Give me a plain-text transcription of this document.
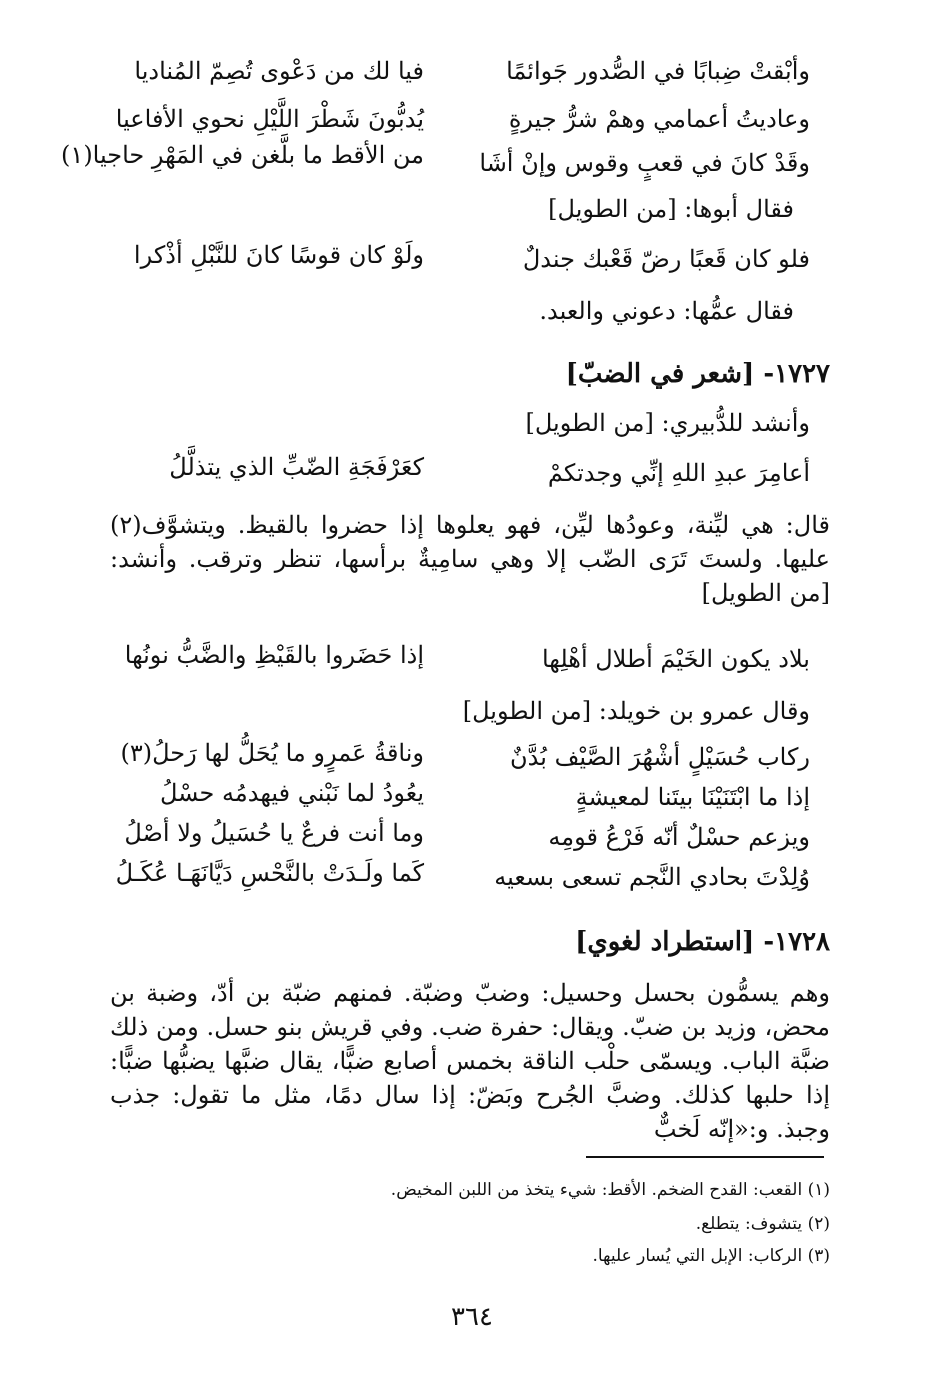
وأبْقتْ ضِبابًا في الصُّدور جَوائمًا
فيا لك من دَعْوى تُصِمّ المُناديا
وعاديتُ أعمامي وهمْ شرُّ جيرةٍ
يُدبُّونَ شَطْرَ اللَّيْلِ نحوي الأفاعيا
وقَدْ كانَ في قعبٍ وقوس وإنْ أشَا
من الأقط ما بلَّغن في المَهْرِ حاجيا(١)
فقال أبوها: [من الطويل]
فلو كان قَعبًا رضّ قَعْبك جندلٌ
ولَوْ كان قوسًا كانَ للنَّبْلِ أذْكرا
فقال عمُّها: دعوني والعبد.
١٧٢٧- [شعر في الضبّ]
وأنشد للدُّبيري: [من الطويل]
أعامِرَ عبدِ اللهِ إنِّي وجدتكمْ
كعَرْفَجَةِ الضّبِّ الذي يتذلَّلُ
قال: هي ليِّنة، وعودُها ليِّن، فهو يعلوها إذا حضروا بالقيظ. ويتشوَّف(٢) عليها. ولستَ تَرَى الضّب إلا وهي سامِيةٌ برأسها، تنظر وترقب. وأنشد: [من الطويل]
بلاد يكون الخَيْمَ أطلال أهْلِها
إذا حَضَروا بالقَيْظِ والضَّبُّ نونُها
وقال عمرو بن خويلد: [من الطويل]
ركاب حُسَيْلٍ أشْهُرَ الصَّيْف بُدَّنٌ
وناقةُ عَمرٍو ما يُحَلُّ لها رَحلُ(٣)
إذا ما ابْتَنَيْنَا بيتَنا لمعيشةٍ
يعُودُ لما نَبْني فيهدمُه حسْلُ
ويزعم حسْلٌ أنّه فَرْعُ قومِه
وما أنت فرعٌ يا حُسَيلُ ولا أصْلُ
وُلِدْتَ بحادي النَّجم تسعى بسعيه
كَما ولَـدَتْ بالنَّحْسِ دَيَّانَهَـا عُكَـلُ
١٧٢٨- [استطراد لغوي]
وهم يسمُّون بحسل وحسيل: وضبّ وضبّة. فمنهم ضبّة بن أدّ، وضبة بن محض، وزيد بن ضبّ. ويقال: حفرة ضب. وفي قريش بنو حسل. ومن ذلك ضبَّة الباب. ويسمّى حلْب الناقة بخمس أصابع ضبًّا، يقال ضبَّها يضبُّها ضبًّا: إذا حلبها كذلك. وضبَّ الجُرح وبَضّ: إذا سال دمًا، مثل ما تقول: جذب وجبذ. و:«إنّه لَخبٌّ
(١) القعب: القدح الضخم. الأقط: شيء يتخذ من اللبن المخيض.
(٢) يتشوف: يتطلع.
(٣) الركاب: الإبل التي يُسار عليها.
٣٦٤
